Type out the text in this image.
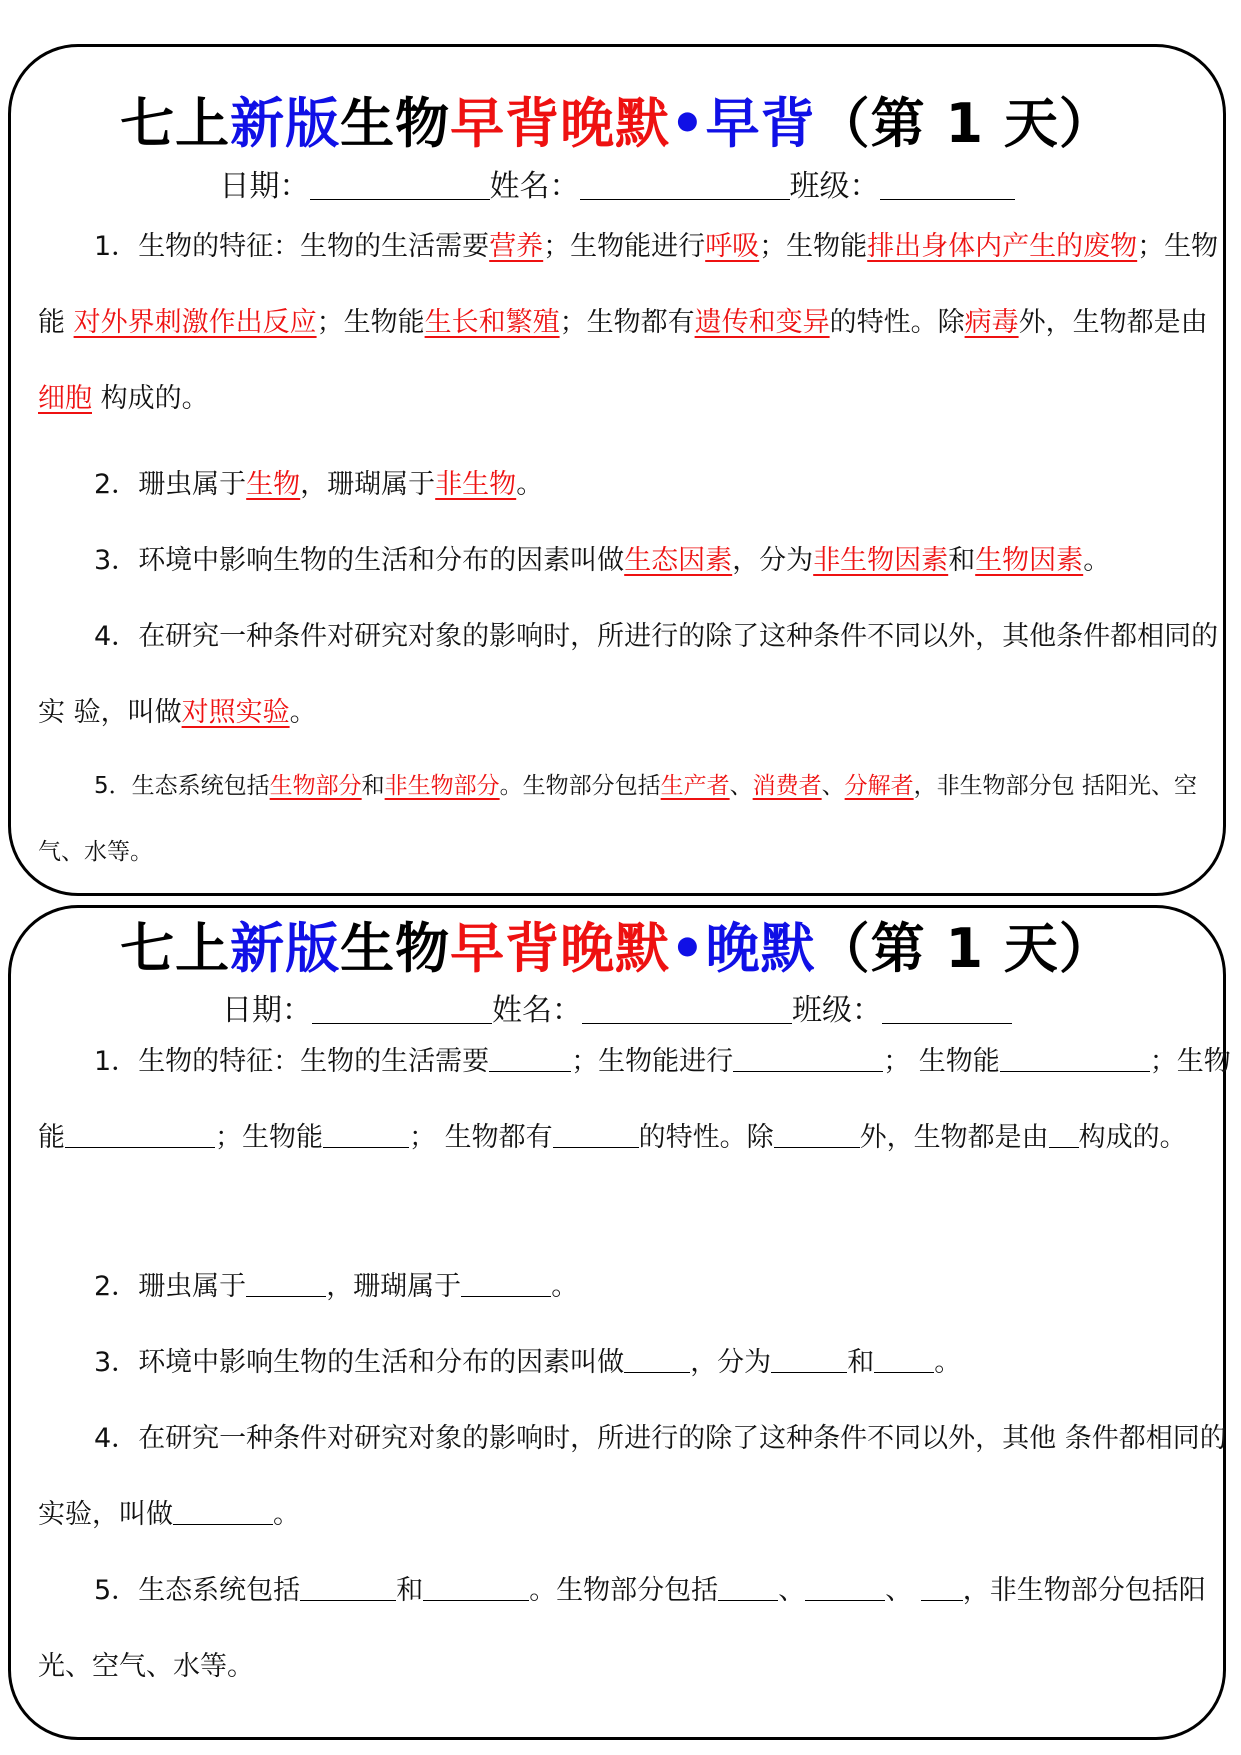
七上新版生物早背晚默•早背（第 1 天）
日期：	姓名：	班级：
1．生物的特征：生物的生活需要营养；生物能进行呼吸；生物能排出身体内产生的废物；生物能 对外界刺激作出反应；生物能生长和繁殖；生物都有遗传和变异的特性。除病毒外，生物都是由细胞 构成的。
2．珊虫属于生物，珊瑚属于非生物。
3．环境中影响生物的生活和分布的因素叫做生态因素，分为非生物因素和生物因素。
4．在研究一种条件对研究对象的影响时，所进行的除了这种条件不同以外，其他条件都相同的实 验，叫做对照实验。
5．生态系统包括生物部分和非生物部分。生物部分包括生产者、消费者、分解者，非生物部分包 括阳光、空气、水等。
七上新版生物早背晚默•晚默（第 1 天）
日期：	姓名：	班级：
1．生物的特征：生物的生活需要	；生物能进行	； 生物能	；生物能	；生物能	； 生物都有	的特性。除	外，生物都是由 构成的。
2．珊虫属于	，珊瑚属于	。
3．环境中影响生物的生活和分布的因素叫做 ，分为	和 。
4．在研究一种条件对研究对象的影响时，所进行的除了这种条件不同以外，其他 条件都相同的实验，叫做	。
5．生态系统包括	和	。生物部分包括 、	、 ，非生物部分包括阳光、空气、水等。
